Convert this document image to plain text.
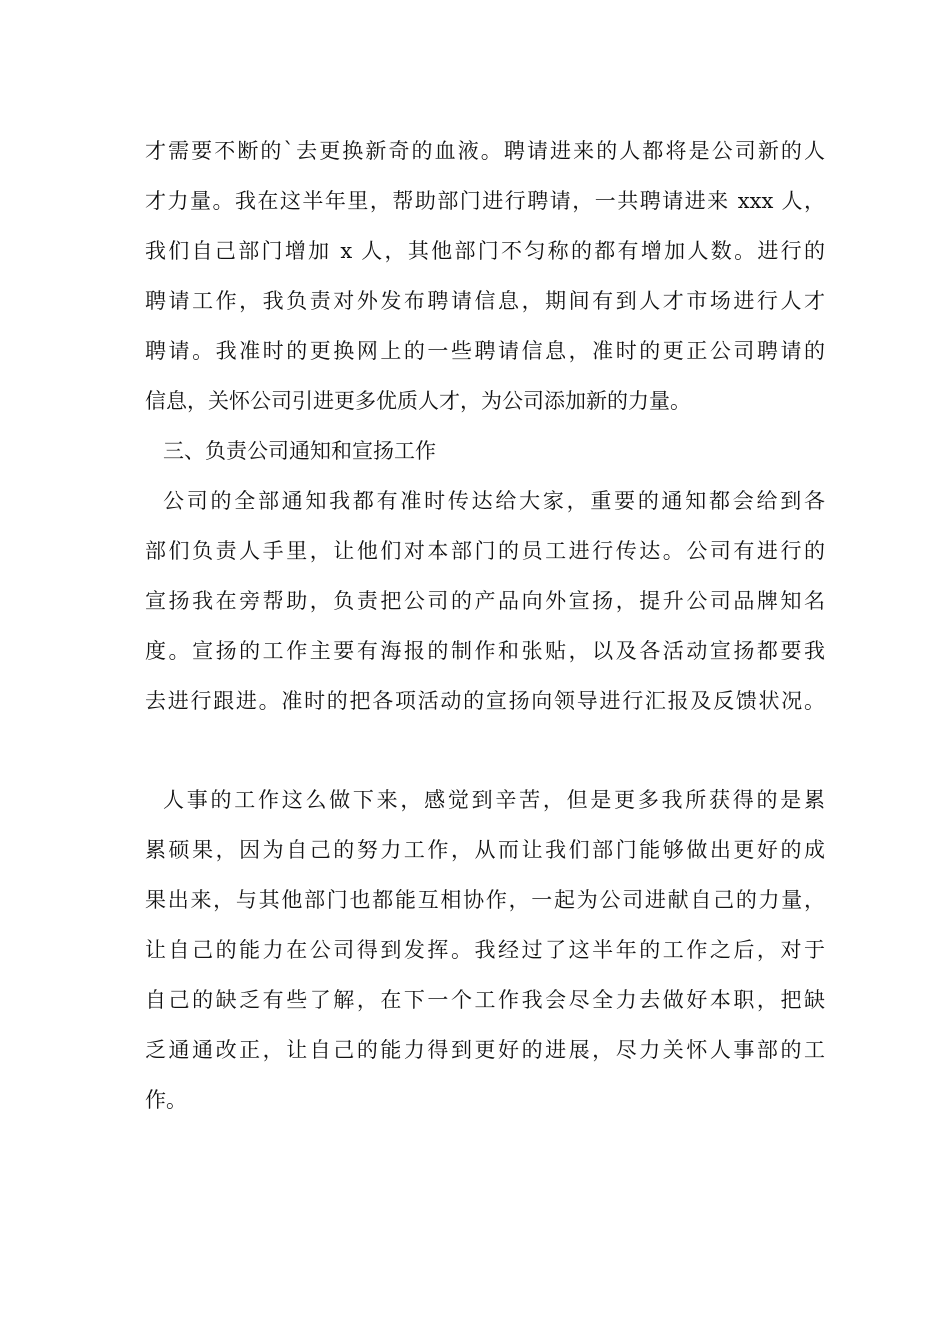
才需要不断的`去更换新奇的血液。聘请进来的人都将是公司新的人
才力量。我在这半年里，帮助部门进行聘请，一共聘请进来 xxx 人，
我们自己部门增加 x 人，其他部门不匀称的都有增加人数。进行的
聘请工作，我负责对外发布聘请信息，期间有到人才市场进行人才
聘请。我准时的更换网上的一些聘请信息，准时的更正公司聘请的
信息，关怀公司引进更多优质人才，为公司添加新的力量。
三、负责公司通知和宣扬工作
公司的全部通知我都有准时传达给大家，重要的通知都会给到各
部们负责人手里，让他们对本部门的员工进行传达。公司有进行的
宣扬我在旁帮助，负责把公司的产品向外宣扬，提升公司品牌知名
度。宣扬的工作主要有海报的制作和张贴，以及各活动宣扬都要我
去进行跟进。准时的把各项活动的宣扬向领导进行汇报及反馈状况。
人事的工作这么做下来，感觉到辛苦，但是更多我所获得的是累
累硕果，因为自己的努力工作，从而让我们部门能够做出更好的成
果出来，与其他部门也都能互相协作，一起为公司进献自己的力量，
让自己的能力在公司得到发挥。我经过了这半年的工作之后，对于
自己的缺乏有些了解，在下一个工作我会尽全力去做好本职，把缺
乏通通改正，让自己的能力得到更好的进展，尽力关怀人事部的工
作。
